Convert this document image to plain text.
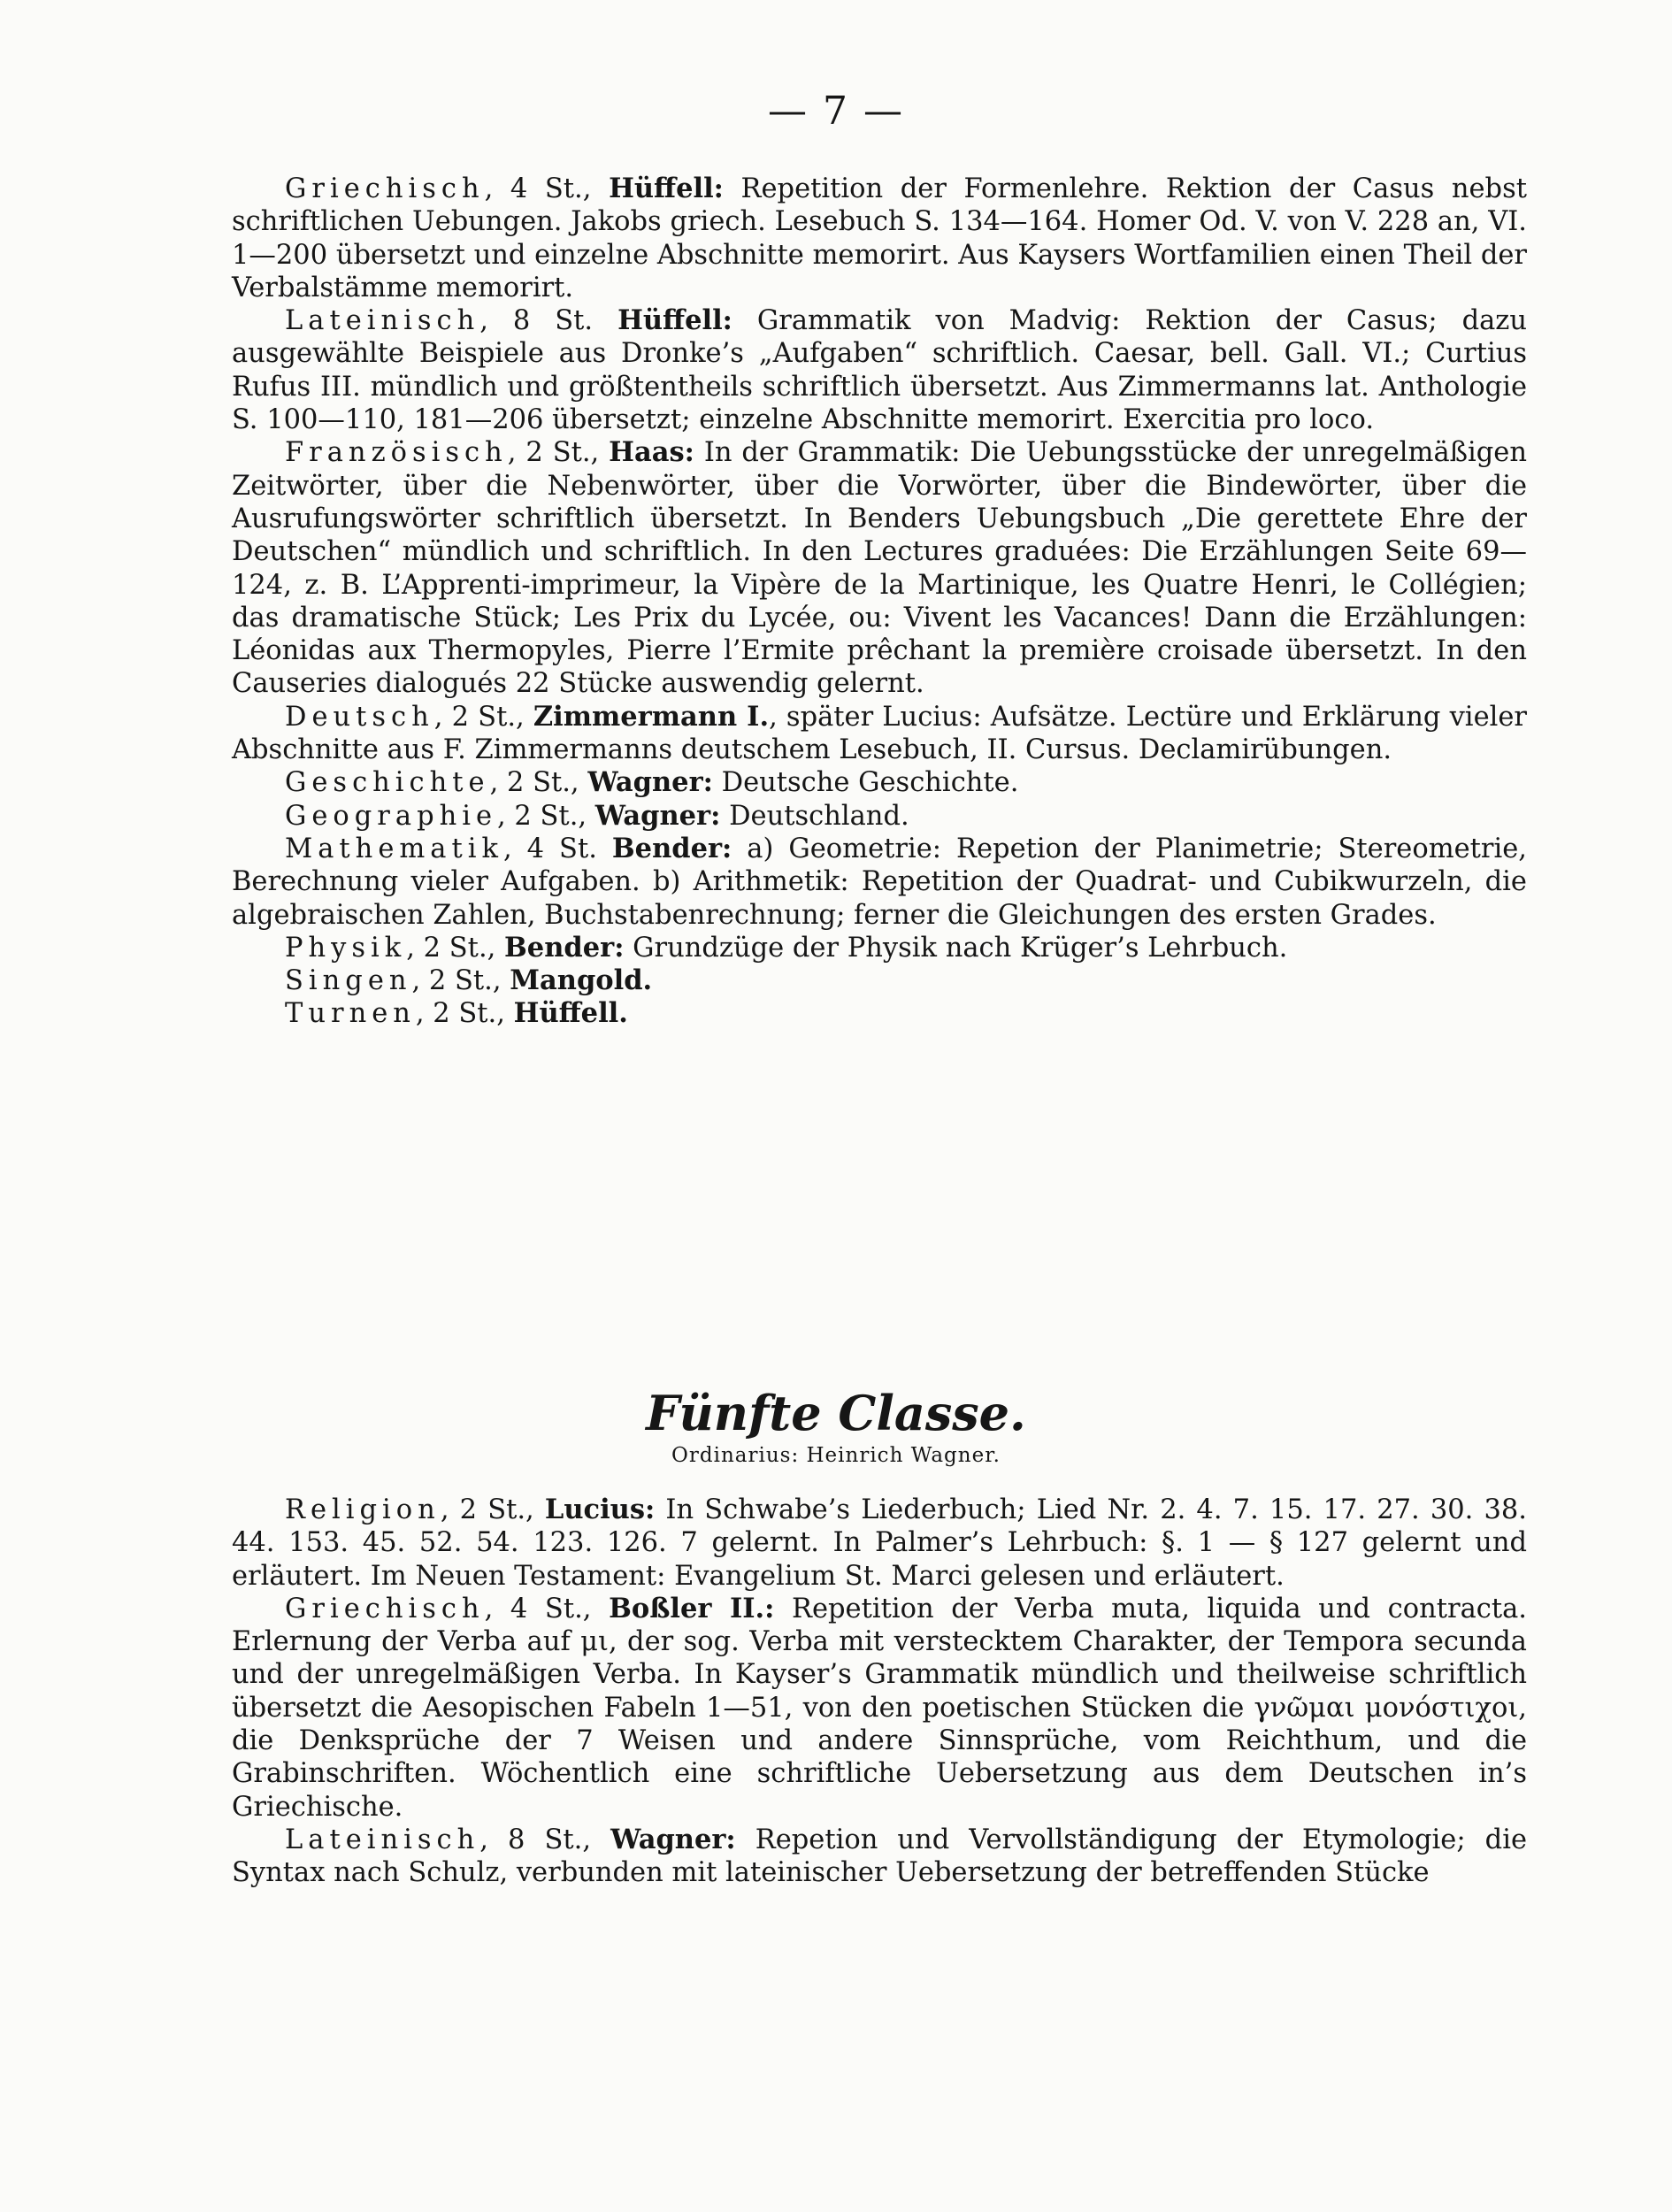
— 7 —

Griechisch, 4 St., Hüffell: Repetition der Formenlehre. Rektion der Casus nebst schriftlichen Uebungen. Jakobs griech. Lesebuch S. 134—164. Homer Od. V. von V. 228 an, VI. 1—200 übersetzt und einzelne Abschnitte memorirt. Aus Kaysers Wortfamilien einen Theil der Verbalstämme memorirt.

Lateinisch, 8 St. Hüffell: Grammatik von Madvig: Rektion der Casus; dazu ausgewählte Beispiele aus Dronke’s „Aufgaben“ schriftlich. Caesar, bell. Gall. VI.; Curtius Rufus III. mündlich und größtentheils schriftlich übersetzt. Aus Zimmermanns lat. Anthologie S. 100—110, 181—206 übersetzt; einzelne Abschnitte memorirt. Exercitia pro loco.

Französisch, 2 St., Haas: In der Grammatik: Die Uebungsstücke der unregelmäßigen Zeitwörter, über die Nebenwörter, über die Vorwörter, über die Bindewörter, über die Ausrufungswörter schriftlich übersetzt. In Benders Uebungsbuch „Die gerettete Ehre der Deutschen“ mündlich und schriftlich. In den Lectures graduées: Die Erzählungen Seite 69—124, z. B. L’Apprenti-imprimeur, la Vipère de la Martinique, les Quatre Henri, le Collégien; das dramatische Stück; Les Prix du Lycée, ou: Vivent les Vacances! Dann die Erzählungen: Léonidas aux Thermopyles, Pierre l’Ermite prêchant la première croisade übersetzt. In den Causeries dialogués 22 Stücke auswendig gelernt.

Deutsch, 2 St., Zimmermann I., später Lucius: Aufsätze. Lectüre und Erklärung vieler Abschnitte aus F. Zimmermanns deutschem Lesebuch, II. Cursus. Declamirübungen.

Geschichte, 2 St., Wagner: Deutsche Geschichte.

Geographie, 2 St., Wagner: Deutschland.

Mathematik, 4 St. Bender: a) Geometrie: Repetion der Planimetrie; Stereometrie, Berechnung vieler Aufgaben. b) Arithmetik: Repetition der Quadrat- und Cubikwurzeln, die algebraischen Zahlen, Buchstabenrechnung; ferner die Gleichungen des ersten Grades.

Physik, 2 St., Bender: Grundzüge der Physik nach Krüger’s Lehrbuch.

Singen, 2 St., Mangold.

Turnen, 2 St., Hüffell.

Fünfte Classe.
Ordinarius: Heinrich Wagner.

Religion, 2 St., Lucius: In Schwabe’s Liederbuch; Lied Nr. 2. 4. 7. 15. 17. 27. 30. 38. 44. 153. 45. 52. 54. 123. 126. 7 gelernt. In Palmer’s Lehrbuch: §. 1 — § 127 gelernt und erläutert. Im Neuen Testament: Evangelium St. Marci gelesen und erläutert.

Griechisch, 4 St., Boßler II.: Repetition der Verba muta, liquida und contracta. Erlernung der Verba auf μι, der sog. Verba mit verstecktem Charakter, der Tempora secunda und der unregelmäßigen Verba. In Kayser’s Grammatik mündlich und theilweise schriftlich übersetzt die Aesopischen Fabeln 1—51, von den poetischen Stücken die γνῶμαι μονόστιχοι, die Denksprüche der 7 Weisen und andere Sinnsprüche, vom Reichthum, und die Grabinschriften. Wöchentlich eine schriftliche Uebersetzung aus dem Deutschen in’s Griechische.

Lateinisch, 8 St., Wagner: Repetion und Vervollständigung der Etymologie; die Syntax nach Schulz, verbunden mit lateinischer Uebersetzung der betreffenden Stücke
